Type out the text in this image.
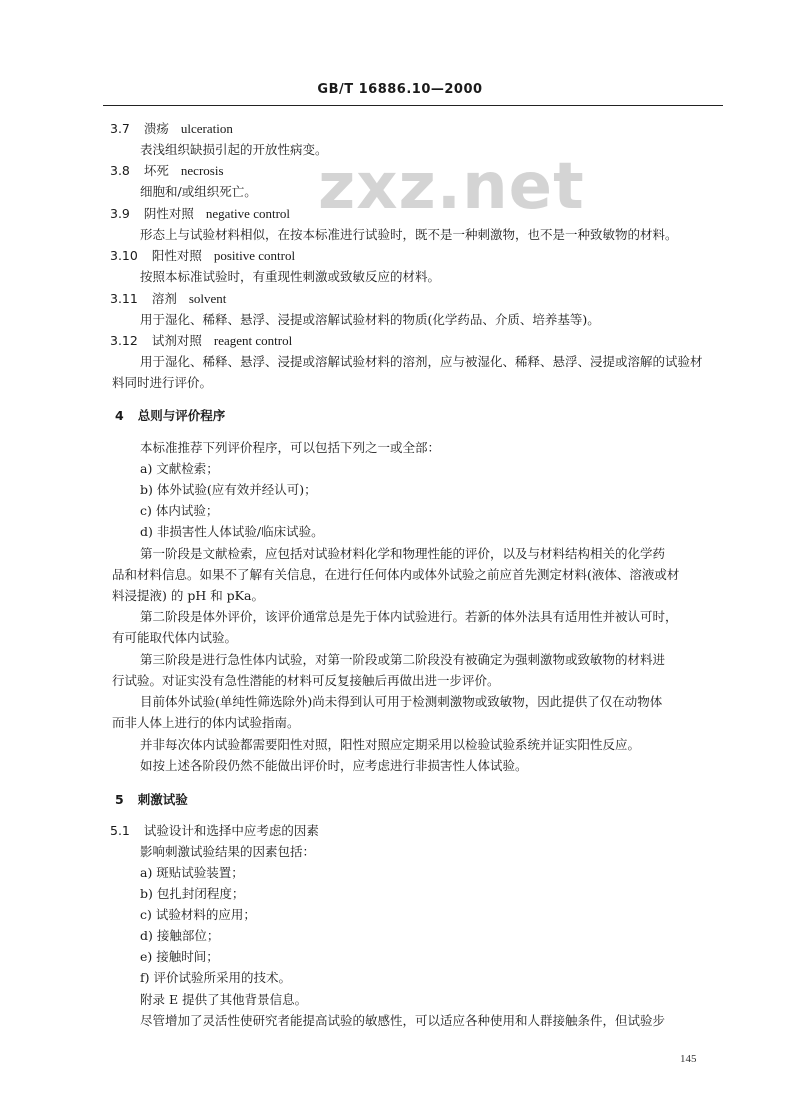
GB/T 16886.10—2000
zxz.net
3.7 溃疡 ulceration
表浅组织缺损引起的开放性病变。
3.8 坏死 necrosis
细胞和/或组织死亡。
3.9 阴性对照 negative control
形态上与试验材料相似，在按本标准进行试验时，既不是一种刺激物，也不是一种致敏物的材料。
3.10 阳性对照 positive control
按照本标准试验时，有重现性刺激或致敏反应的材料。
3.11 溶剂 solvent
用于湿化、稀释、悬浮、浸提或溶解试验材料的物质(化学药品、介质、培养基等)。
3.12 试剂对照 reagent control
用于湿化、稀释、悬浮、浸提或溶解试验材料的溶剂，应与被湿化、稀释、悬浮、浸提或溶解的试验材
料同时进行评价。
4 总则与评价程序
本标准推荐下列评价程序，可以包括下列之一或全部：
a) 文献检索；
b) 体外试验(应有效并经认可)；
c) 体内试验；
d) 非损害性人体试验/临床试验。
第一阶段是文献检索，应包括对试验材料化学和物理性能的评价，以及与材料结构相关的化学药
品和材料信息。如果不了解有关信息，在进行任何体内或体外试验之前应首先测定材料(液体、溶液或材
料浸提液) 的 pH 和 pKa。
第二阶段是体外评价，该评价通常总是先于体内试验进行。若新的体外法具有适用性并被认可时，
有可能取代体内试验。
第三阶段是进行急性体内试验，对第一阶段或第二阶段没有被确定为强刺激物或致敏物的材料进
行试验。对证实没有急性潜能的材料可反复接触后再做出进一步评价。
目前体外试验(单纯性筛选除外)尚未得到认可用于检测刺激物或致敏物，因此提供了仅在动物体
而非人体上进行的体内试验指南。
并非每次体内试验都需要阳性对照，阳性对照应定期采用以检验试验系统并证实阳性反应。
如按上述各阶段仍然不能做出评价时，应考虑进行非损害性人体试验。
5 刺激试验
5.1 试验设计和选择中应考虑的因素
影响刺激试验结果的因素包括：
a) 斑贴试验装置；
b) 包扎封闭程度；
c) 试验材料的应用；
d) 接触部位；
e) 接触时间；
f) 评价试验所采用的技术。
附录 E 提供了其他背景信息。
尽管增加了灵活性使研究者能提高试验的敏感性，可以适应各种使用和人群接触条件，但试验步
145
